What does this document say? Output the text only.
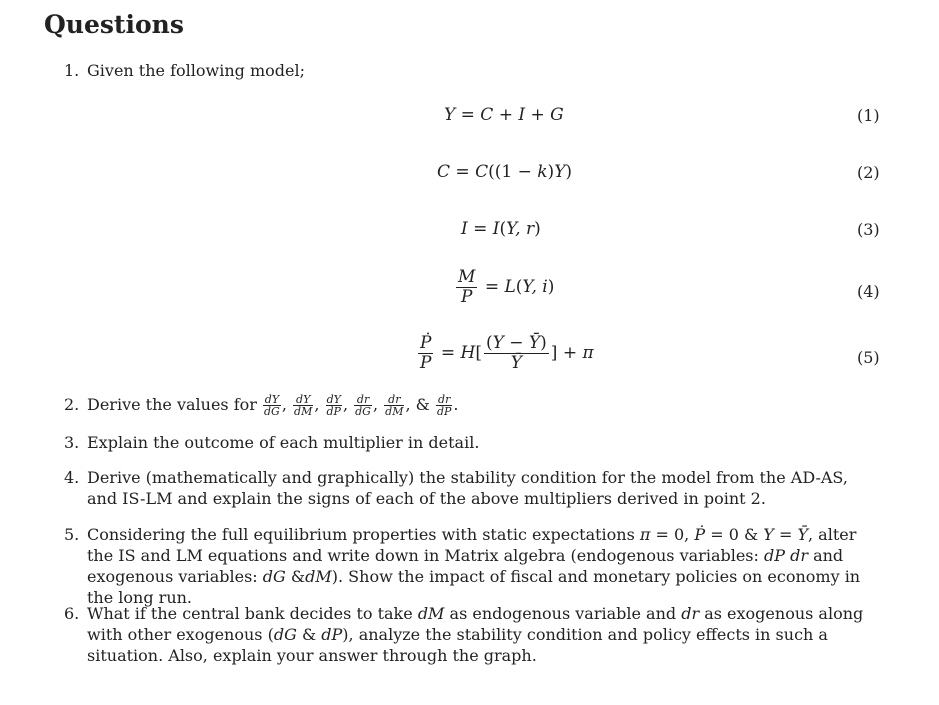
Questions
1. Given the following model;
Y = C + I + G	(1)
C = C((1 − k)Y)	(2)
I = I(Y, r)	(3)
$\frac{M}{P} = L(Y$, i)	(4)
$\frac{\text{Ṗ}}{P} = H[ \frac{(Y - Ȳ)}{Ȳ}$ ] + π	(5)
2. Derive the values for $\frac{dY}{dG}$ , $\frac{dY}{dM}$ , $\frac{dY}{dP}$ , $\frac{dr}{dG}$ , $\frac{dr}{dM}$ , & $\frac{dr}{dP}$ .
3. Explain the outcome of each multiplier in detail.
4. Derive (mathematically and graphically) the stability condition for the model from the AD-AS, and IS-LM and explain the signs of each of the above multipliers derived in point 2.
5. Considering the full equilibrium properties with static expectations π = 0, Ṗ = 0 & Y = Ȳ, alter the IS and LM equations and write down in Matrix algebra (endogenous variables: dP dr and exogenous variables: dG &dM). Show the impact of fiscal and monetary policies on economy in the long run.
6. What if the central bank decides to take dM as endogenous variable and dr as exogenous along with other exogenous (dG & dP), analyze the stability condition and policy effects in such a situation. Also, explain your answer through the graph.
